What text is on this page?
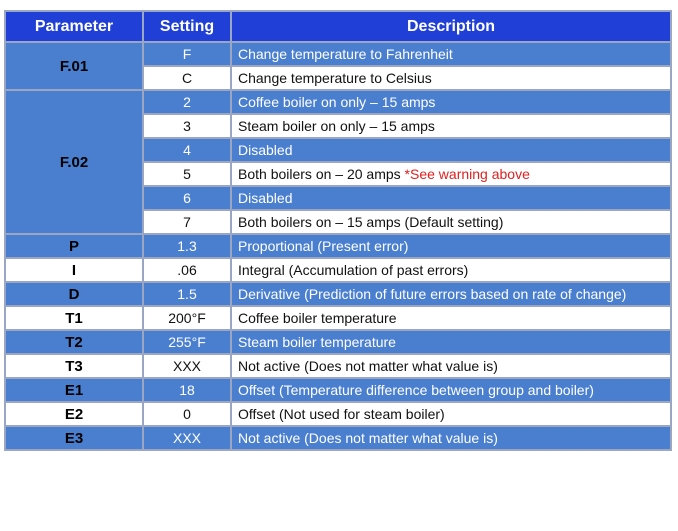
Parameter	Setting	Description
F.01	F	Change temperature to Fahrenheit
	C	Change temperature to Celsius
F.02	2	Coffee boiler on only – 15 amps
	3	Steam boiler on only – 15 amps
	4	Disabled
	5	Both boilers on – 20 amps *See warning above
	6	Disabled
	7	Both boilers on – 15 amps (Default setting)
P	1.3	Proportional (Present error)
I	.06	Integral (Accumulation of past errors)
D	1.5	Derivative (Prediction of future errors based on rate of change)
T1	200°F	Coffee boiler temperature
T2	255°F	Steam boiler temperature
T3	XXX	Not active (Does not matter what value is)
E1	18	Offset (Temperature difference between group and boiler)
E2	0	Offset (Not used for steam boiler)
E3	XXX	Not active (Does not matter what value is)
